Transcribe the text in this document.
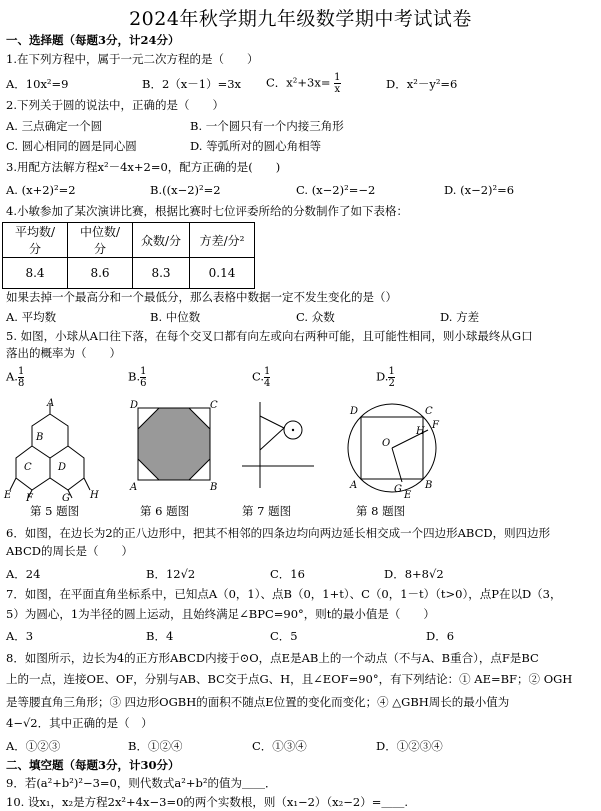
2024年秋学期九年级数学期中考试试卷
一、选择题（每题3分，计24分）
1.在下列方程中，属于一元二次方程的是（　　）
A．10x²=9	B．2（x－1）=3x C．$x^2+3x= \frac{1}{x}$	D．x²－y²=6
2.下列关于圆的说法中，正确的是（　　）
A. 三点确定一个圆	B. 一个圆只有一个内接三角形
C. 圆心相同的圆是同心圆	D. 等弧所对的圆心角相等
3.用配方法解方程x²－4x+2=0，配方正确的是(　　)
A. (x+2)²=2	B.((x−2)²=2	C. (x−2)²=−2	D. (x−2)²=6
4.小敏参加了某次演讲比赛，根据比赛时七位评委所给的分数制作了如下表格：
平均数/分	中位数/分	众数/分	方差/分²
8.4	8.6	8.3	0.14
如果去掉一个最高分和一个最低分，那么表格中数据一定不发生变化的是（）
A. 平均数	B. 中位数	C. 众数	D. 方差
5. 如图，小球从A口往下落，在每个交叉口都有向左或向右两种可能，且可能性相同，则小球最终从G口
落出的概率为（　　）
A. $\frac{1}{8}$	B. $\frac{1}{6}$	C. $\frac{1}{4}$	D. $\frac{1}{2}$
A
B
C	D
E F	G H
D	C
A	B
D	C
O
H
F
A	G B
E
第 5 题图	第 6 题图	第 7 题图	第 8 题图
6．如图，在边长为2的正八边形中，把其不相邻的四条边均向两边延长相交成一个四边形ABCD，则四边形
ABCD的周长是（　　）
A．24	B．12√2	C．16	D．8+8√2
7．如图，在平面直角坐标系中，已知点A（0，1）、点B（0，1+t）、C（0，1－t）（t>0），点P在以D（3，
5）为圆心，1为半径的圆上运动，且始终满足∠BPC=90°，则t的最小值是（　　）
A．3	B．4	C．5	D．6
8．如图所示，边长为4的正方形ABCD内接于⊙O，点E是AB上的一个动点（不与A、B重合），点F是BC
上的一点，连接OE、OF，分别与AB、BC交于点G、H，且∠EOF=90°，有下列结论：① AE=BF；② OGH
是等腰直角三角形；③ 四边形OGBH的面积不随点E位置的变化而变化；④ △GBH周长的最小值为
4−√2．其中正确的是（　）
A．①②③	B．①②④	C．①③④	D．①②③④
二、填空题（每题3分，计30分）
9．若(a²+b²)²−3=0，则代数式a²+b²的值为＿＿．
10. 设x₁，x₂是方程2x²+4x−3=0的两个实数根，则（x₁−2）（x₂−2）=＿＿.
